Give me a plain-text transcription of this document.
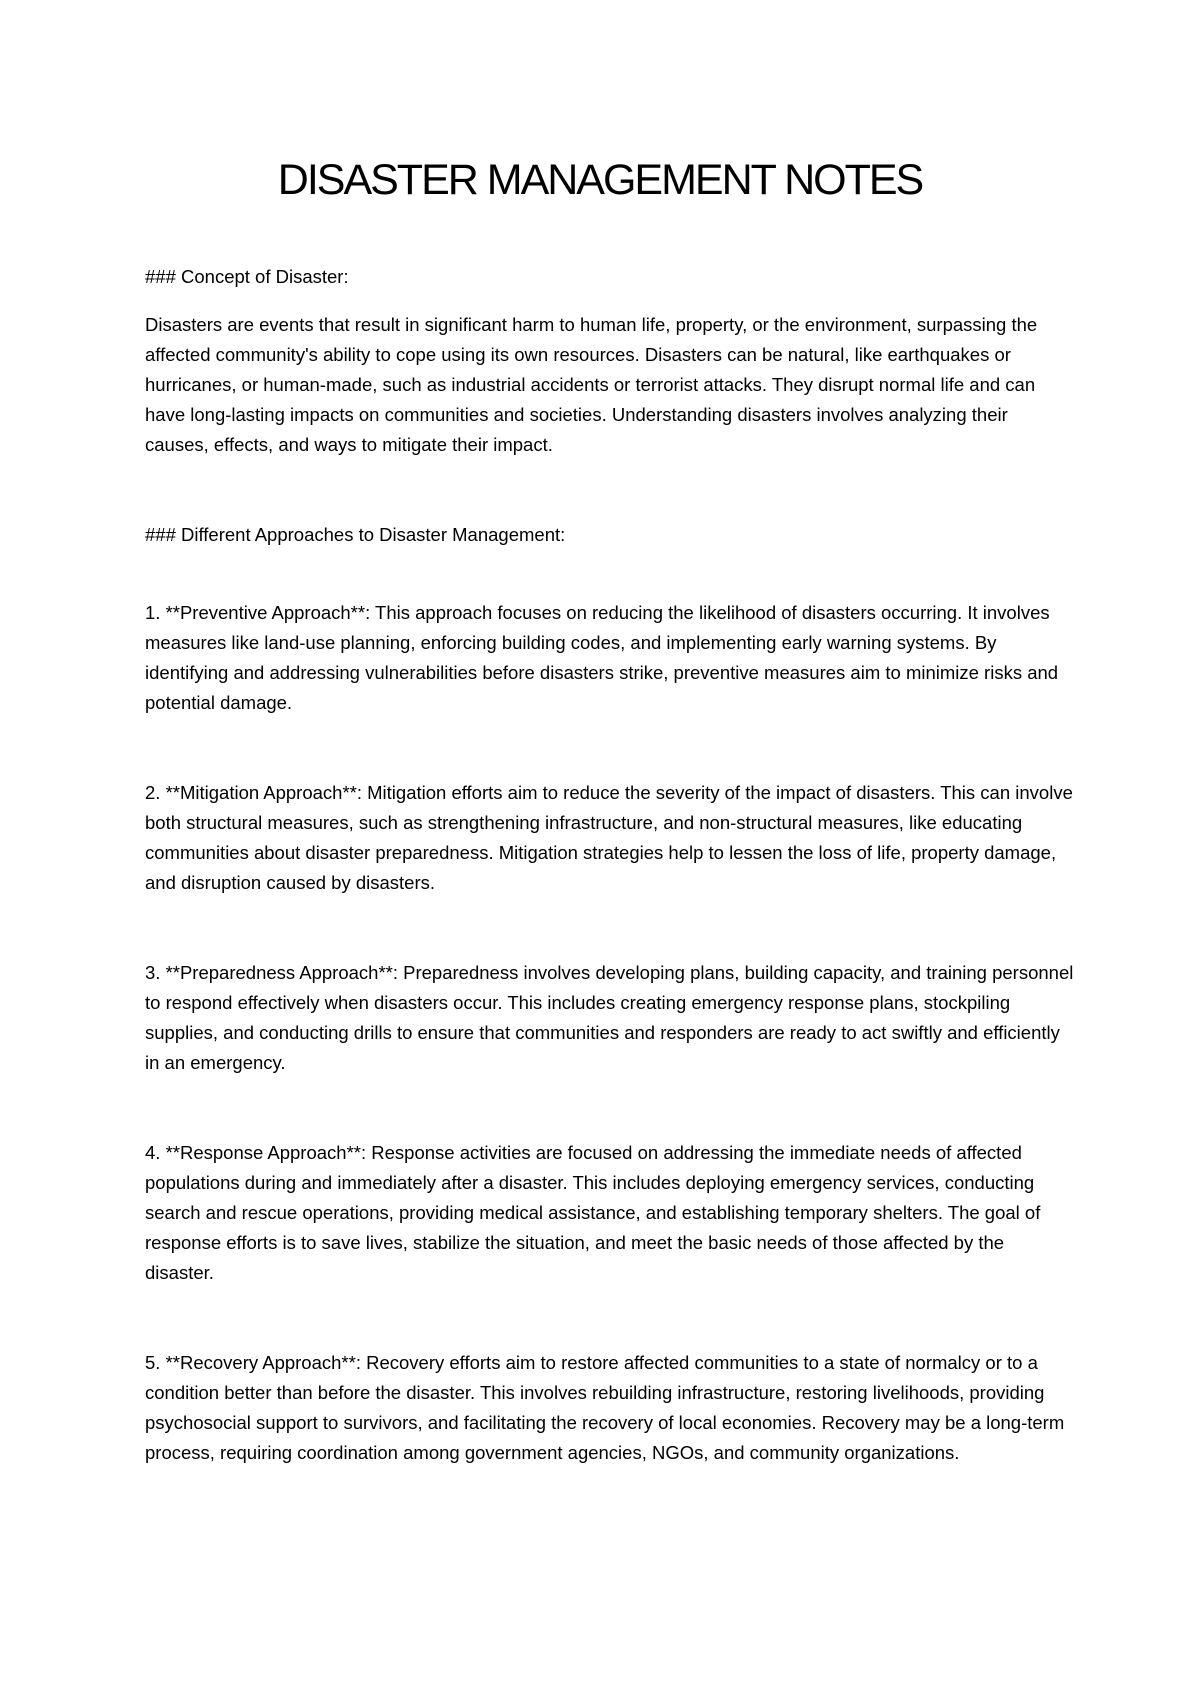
DISASTER MANAGEMENT NOTES

### Concept of Disaster:

Disasters are events that result in significant harm to human life, property, or the environment, surpassing the affected community's ability to cope using its own resources. Disasters can be natural, like earthquakes or hurricanes, or human-made, such as industrial accidents or terrorist attacks. They disrupt normal life and can have long-lasting impacts on communities and societies. Understanding disasters involves analyzing their causes, effects, and ways to mitigate their impact.

### Different Approaches to Disaster Management:

1. **Preventive Approach**: This approach focuses on reducing the likelihood of disasters occurring. It involves measures like land-use planning, enforcing building codes, and implementing early warning systems. By identifying and addressing vulnerabilities before disasters strike, preventive measures aim to minimize risks and potential damage.

2. **Mitigation Approach**: Mitigation efforts aim to reduce the severity of the impact of disasters. This can involve both structural measures, such as strengthening infrastructure, and non-structural measures, like educating communities about disaster preparedness. Mitigation strategies help to lessen the loss of life, property damage, and disruption caused by disasters.

3. **Preparedness Approach**: Preparedness involves developing plans, building capacity, and training personnel to respond effectively when disasters occur. This includes creating emergency response plans, stockpiling supplies, and conducting drills to ensure that communities and responders are ready to act swiftly and efficiently in an emergency.

4. **Response Approach**: Response activities are focused on addressing the immediate needs of affected populations during and immediately after a disaster. This includes deploying emergency services, conducting search and rescue operations, providing medical assistance, and establishing temporary shelters. The goal of response efforts is to save lives, stabilize the situation, and meet the basic needs of those affected by the disaster.

5. **Recovery Approach**: Recovery efforts aim to restore affected communities to a state of normalcy or to a condition better than before the disaster. This involves rebuilding infrastructure, restoring livelihoods, providing psychosocial support to survivors, and facilitating the recovery of local economies. Recovery may be a long-term process, requiring coordination among government agencies, NGOs, and community organizations.
